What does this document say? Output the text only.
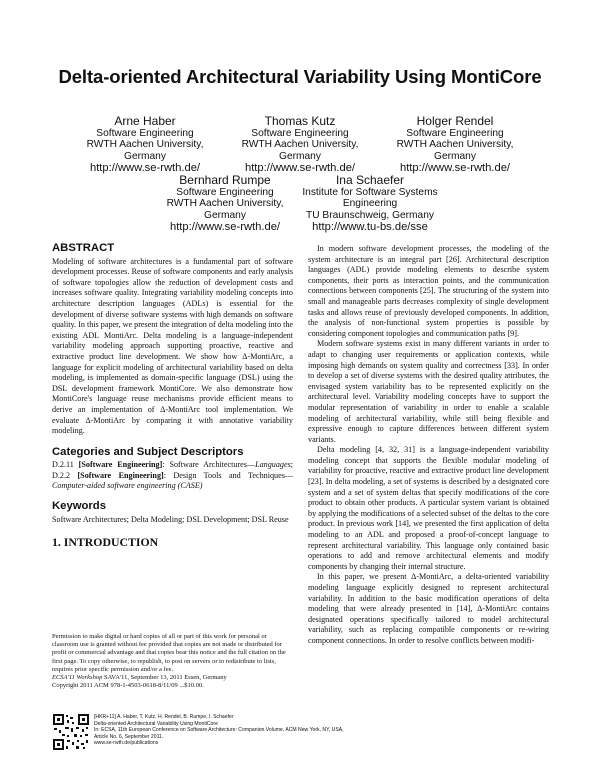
Delta-oriented Architectural Variability Using MontiCore
Arne Haber
Software Engineering
RWTH Aachen University,
Germany
http://www.se-rwth.de/
Thomas Kutz
Software Engineering
RWTH Aachen University,
Germany
http://www.se-rwth.de/
Holger Rendel
Software Engineering
RWTH Aachen University,
Germany
http://www.se-rwth.de/
Bernhard Rumpe
Software Engineering
RWTH Aachen University,
Germany
http://www.se-rwth.de/
Ina Schaefer
Institute for Software Systems
Engineering
TU Braunschweig, Germany
http://www.tu-bs.de/sse
ABSTRACT

Modeling of software architectures is a fundamental part of software development processes. Reuse of software components and early analysis of software topologies allow the reduction of development costs and increases software quality. Integrating variability modeling concepts into architecture description languages (ADLs) is essential for the development of diverse software systems with high demands on software quality. In this paper, we present the integration of delta modeling into the existing ADL MontiArc. Delta modeling is a language-independent variability modeling approach supporting proactive, reactive and extractive product line development. We show how Δ-MontiArc, a language for explicit modeling of architectural variability based on delta modeling, is implemented as domain-specific language (DSL) using the DSL development framework MontiCore. We also demonstrate how MontiCore's language reuse mechanisms provide efficient means to derive an implementation of Δ-MontiArc tool implementation. We evaluate Δ-MontiArc by comparing it with annotative variability modeling.

Categories and Subject Descriptors

D.2.11 [Software Engineering]: Software Architectures—Languages; D.2.2 [Software Engineering]: Design Tools and Techniques—Computer-aided software engineering (CASE)

Keywords

Software Architectures; Delta Modeling; DSL Development; DSL Reuse

1. INTRODUCTION
Permission to make digital or hard copies of all or part of this work for personal or classroom use is granted without fee provided that copies are not made or distributed for profit or commercial advantage and that copies bear this notice and the full citation on the first page. To copy otherwise, to republish, to post on servers or to redistribute to lists, requires prior specific permission and/or a fee.
ECSA'11 Workshop SAVA'11, September 13, 2011 Essen, Germany
Copyright 2011 ACM 978-1-4503-0618-8/11/09 ...$10.00.
[HKR+11] A. Haber, T. Kutz, H. Rendel, B. Rumpe, I. Schaefer
Delta-oriented Architectural Variability Using MontiCore
In: ECSA, 11th European Conference on Software Architecture: Companion Volume, ACM New York, NY, USA,
Article No. 6, September 2011.
www.se-rwth.de/publications

In modern software development processes, the modeling of the system architecture is an integral part [26]. Architectural description languages (ADL) provide modeling elements to describe system components, their ports as interaction points, and the communication connections between components [25]. The structuring of the system into small and manageable parts decreases complexity of single development tasks and allows reuse of previously developed components. In addition, the analysis of non-functional system properties is possible by considering component topologies and communication paths [9].

Modern software systems exist in many different variants in order to adapt to changing user requirements or application contexts, while imposing high demands on system quality and correctness [33]. In order to develop a set of diverse systems with the desired quality attributes, the envisaged system variability has to be represented explicitly on the architectural level. Variability modeling concepts have to support the modular representation of variability in order to enable a scalable modeling of architectural variability, while still being flexible and expressive enough to capture differences between different system variants.

Delta modeling [4, 32, 31] is a language-independent variability modeling concept that supports the flexible modular modeling of variability for proactive, reactive and extractive product line development [23]. In delta modeling, a set of systems is described by a designated core system and a set of system deltas that specify modifications of the core product to obtain other products. A particular system variant is obtained by applying the modifications of a selected subset of the deltas to the core product. In previous work [14], we presented the first application of delta modeling to an ADL and proposed a proof-of-concept language to represent architectural variability. This language only contained basic operations to add and remove architectural elements and modify components by changing their internal structure.

In this paper, we present Δ-MontiArc, a delta-oriented variability modeling language explicitly designed to represent architectural variability. In addition to the basic modification operations of delta modeling that were already presented in [14], Δ-MontiArc contains designated operations specifically tailored to model architectural variability, such as replacing compatible components or re-wiring component connections. In order to resolve conflicts between modifi-
